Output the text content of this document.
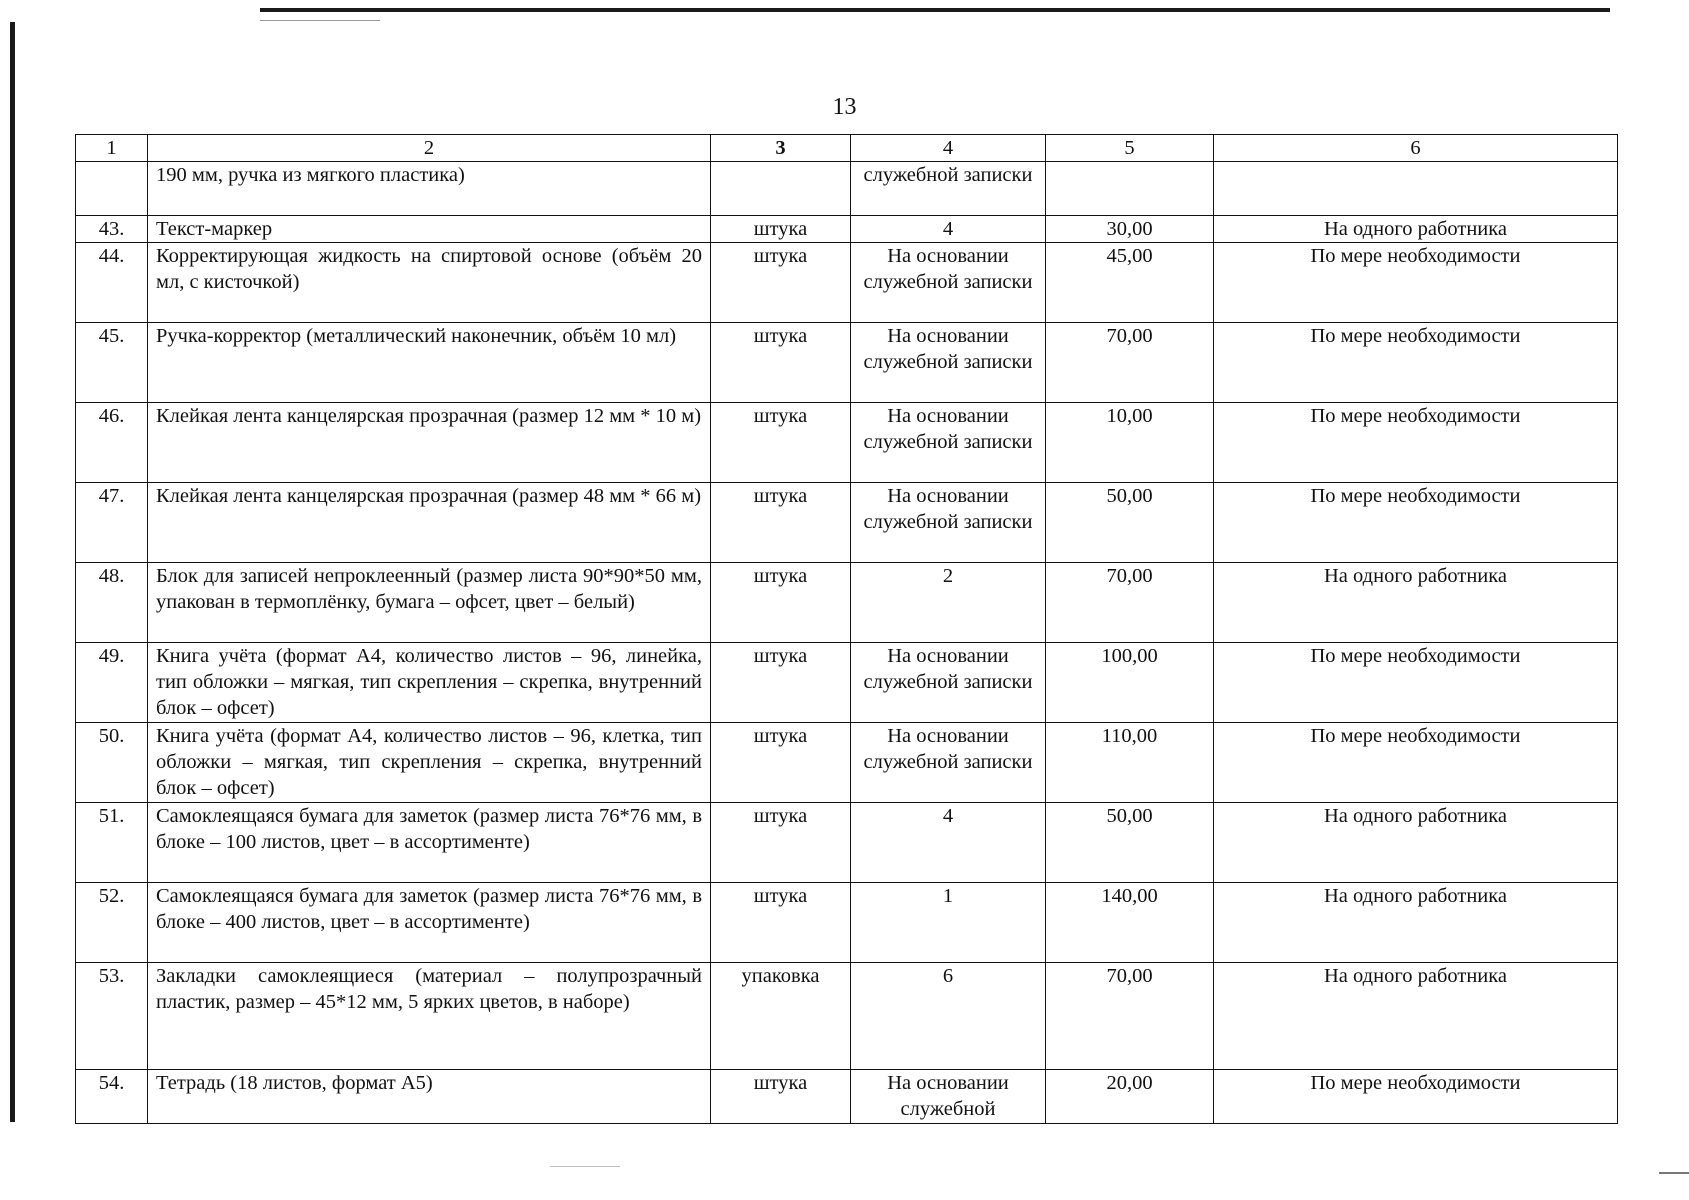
13
1	2	3	4	5	6
	190 мм, ручка из мягкого пластика)		служебной записки		
43.	Текст-маркер	штука	4	30,00	На одного работника
44.	Корректирующая жидкость на спиртовой основе (объём 20 мл, с кисточкой)	штука	На основании служебной записки	45,00	По мере необходимости
45.	Ручка-корректор (металлический наконечник, объём 10 мл)	штука	На основании служебной записки	70,00	По мере необходимости
46.	Клейкая лента канцелярская прозрачная (размер 12 мм * 10 м)	штука	На основании служебной записки	10,00	По мере необходимости
47.	Клейкая лента канцелярская прозрачная (размер 48 мм * 66 м)	штука	На основании служебной записки	50,00	По мере необходимости
48.	Блок для записей непроклеенный (размер листа 90*90*50 мм, упакован в термоплёнку, бумага – офсет, цвет – белый)	штука	2	70,00	На одного работника
49.	Книга учёта (формат А4, количество листов – 96, линейка, тип обложки – мягкая, тип скрепления – скрепка, внутренний блок – офсет)	штука	На основании служебной записки	100,00	По мере необходимости
50.	Книга учёта (формат А4, количество листов – 96, клетка, тип обложки – мягкая, тип скрепления – скрепка, внутренний блок – офсет)	штука	На основании служебной записки	110,00	По мере необходимости
51.	Самоклеящаяся бумага для заметок (размер листа 76*76 мм, в блоке – 100 листов, цвет – в ассортименте)	штука	4	50,00	На одного работника
52.	Самоклеящаяся бумага для заметок (размер листа 76*76 мм, в блоке – 400 листов, цвет – в ассортименте)	штука	1	140,00	На одного работника
53.	Закладки самоклеящиеся (материал – полупрозрачный пластик, размер – 45*12 мм, 5 ярких цветов, в наборе)	упаковка	6	70,00	На одного работника
54.	Тетрадь (18 листов, формат А5)	штука	На основании служебной	20,00	По мере необходимости
